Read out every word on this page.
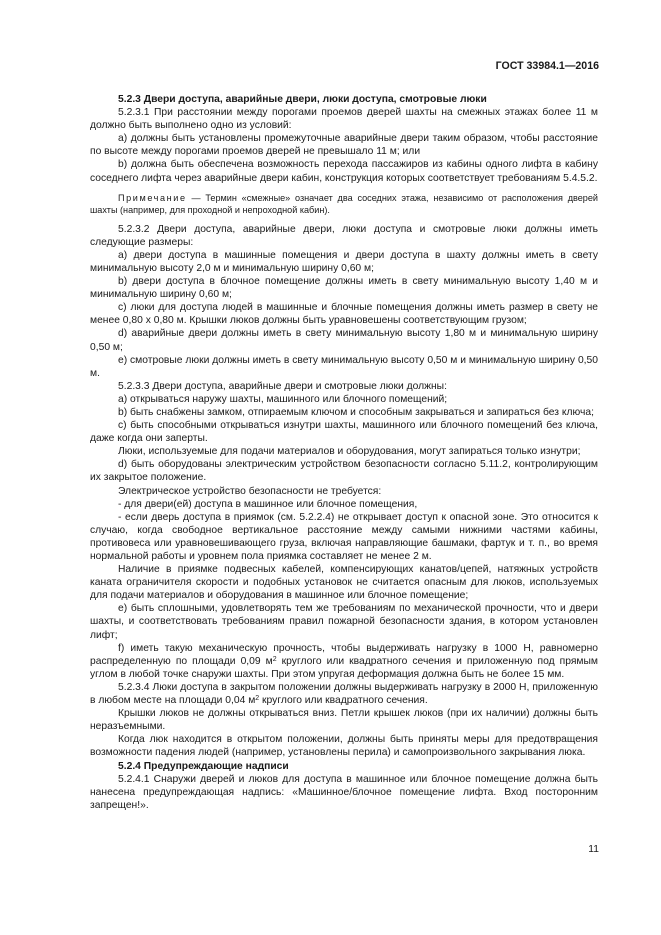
ГОСТ 33984.1—2016

5.2.3 Двери доступа, аварийные двери, люки доступа, смотровые люки

5.2.3.1 При расстоянии между порогами проемов дверей шахты на смежных этажах более 11 м должно быть выполнено одно из условий:

а) должны быть установлены промежуточные аварийные двери таким образом, чтобы расстояние по высоте между порогами проемов дверей не превышало 11 м; или

b) должна быть обеспечена возможность перехода пассажиров из кабины одного лифта в кабину соседнего лифта через аварийные двери кабин, конструкция которых соответствует требованиям 5.4.5.2.

Примечание — Термин «смежные» означает два соседних этажа, независимо от расположения дверей шахты (например, для проходной и непроходной кабин).

5.2.3.2 Двери доступа, аварийные двери, люки доступа и смотровые люки должны иметь следующие размеры:

а) двери доступа в машинные помещения и двери доступа в шахту должны иметь в свету минимальную высоту 2,0 м и минимальную ширину 0,60 м;

b) двери доступа в блочное помещение должны иметь в свету минимальную высоту 1,40 м и минимальную ширину 0,60 м;

c) люки для доступа людей в машинные и блочные помещения должны иметь размер в свету не менее 0,80 х 0,80 м. Крышки люков должны быть уравновешены соответствующим грузом;

d) аварийные двери должны иметь в свету минимальную высоту 1,80 м и минимальную ширину 0,50 м;

е) смотровые люки должны иметь в свету минимальную высоту 0,50 м и минимальную ширину 0,50 м.

5.2.3.3 Двери доступа, аварийные двери и смотровые люки должны:

а) открываться наружу шахты, машинного или блочного помещений;

b) быть снабжены замком, отпираемым ключом и способным закрываться и запираться без ключа;

c) быть способными открываться изнутри шахты, машинного или блочного помещений без ключа, даже когда они заперты.

Люки, используемые для подачи материалов и оборудования, могут запираться только изнутри;

d) быть оборудованы электрическим устройством безопасности согласно 5.11.2, контролирующим их закрытое положение.

Электрическое устройство безопасности не требуется:

- для двери(ей) доступа в машинное или блочное помещения,

- если дверь доступа в приямок (см. 5.2.2.4) не открывает доступ к опасной зоне. Это относится к случаю, когда свободное вертикальное расстояние между самыми нижними частями кабины, противовеса или уравновешивающего груза, включая направляющие башмаки, фартук и т. п., во время нормальной работы и уровнем пола приямка составляет не менее 2 м.

Наличие в приямке подвесных кабелей, компенсирующих канатов/цепей, натяжных устройств каната ограничителя скорости и подобных установок не считается опасным для люков, используемых для подачи материалов и оборудования в машинное или блочное помещение;

е) быть сплошными, удовлетворять тем же требованиям по механической прочности, что и двери шахты, и соответствовать требованиям правил пожарной безопасности здания, в котором установлен лифт;

f) иметь такую механическую прочность, чтобы выдерживать нагрузку в 1000 Н, равномерно распределенную по площади 0,09 $м^2$ круглого или квадратного сечения и приложенную под прямым углом в любой точке снаружи шахты. При этом упругая деформация должна быть не более 15 мм.

5.2.3.4 Люки доступа в закрытом положении должны выдерживать нагрузку в 2000 Н, приложенную в любом месте на площади 0,04 $м^2$ круглого или квадратного сечения.

Крышки люков не должны открываться вниз. Петли крышек люков (при их наличии) должны быть неразъемными.

Когда люк находится в открытом положении, должны быть приняты меры для предотвращения возможности падения людей (например, установлены перила) и самопроизвольного закрывания люка.

5.2.4 Предупреждающие надписи

5.2.4.1 Снаружи дверей и люков для доступа в машинное или блочное помещение должна быть нанесена предупреждающая надпись: «Машинное/блочное помещение лифта. Вход посторонним запрещен!».

11
